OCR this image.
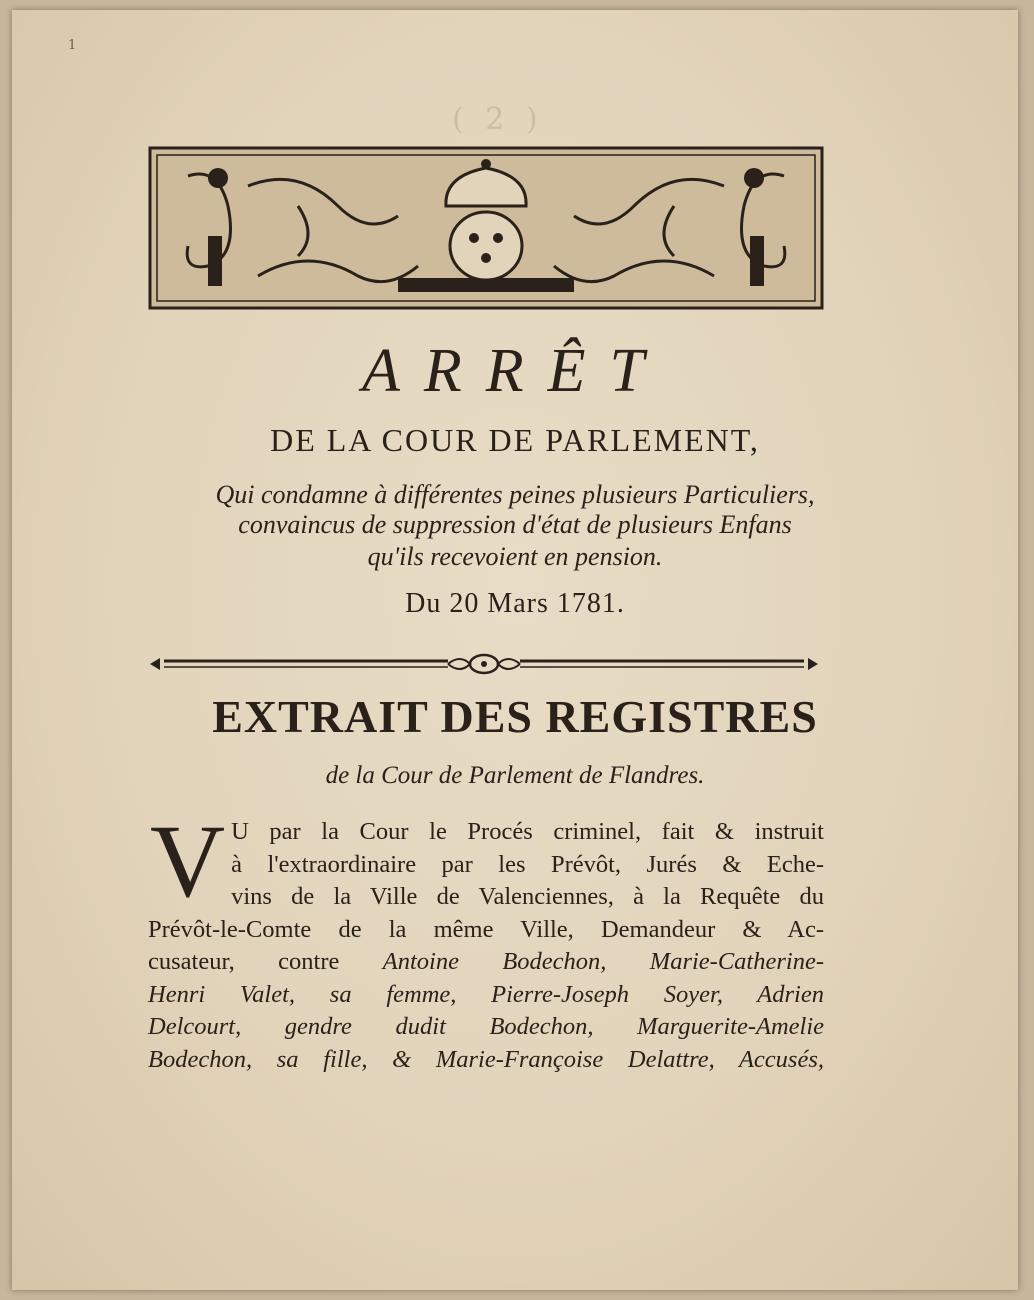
1
( 2 )
ARRÊT
DE LA COUR DE PARLEMENT,
Qui condamne à différentes peines plusieurs Particuliers,
convaincus de suppression d'état de plusieurs Enfans
qu'ils recevoient en pension.
Du 20 Mars 1781.
EXTRAIT DES REGISTRES
de la Cour de Parlement de Flandres.
V U par la Cour le Procés criminel, fait & instruit
à l'extraordinaire par les Prévôt, Jurés & Eche-
vins de la Ville de Valenciennes, à la Requête du
Prévôt-le-Comte de la même Ville, Demandeur & Ac-
cusateur, contre Antoine Bodechon, Marie-Catherine-
Henri Valet, sa femme, Pierre-Joseph Soyer, Adrien
Delcourt, gendre dudit Bodechon, Marguerite-Amelie
Bodechon, sa fille, & Marie-Françoise Delattre, Accusés,
